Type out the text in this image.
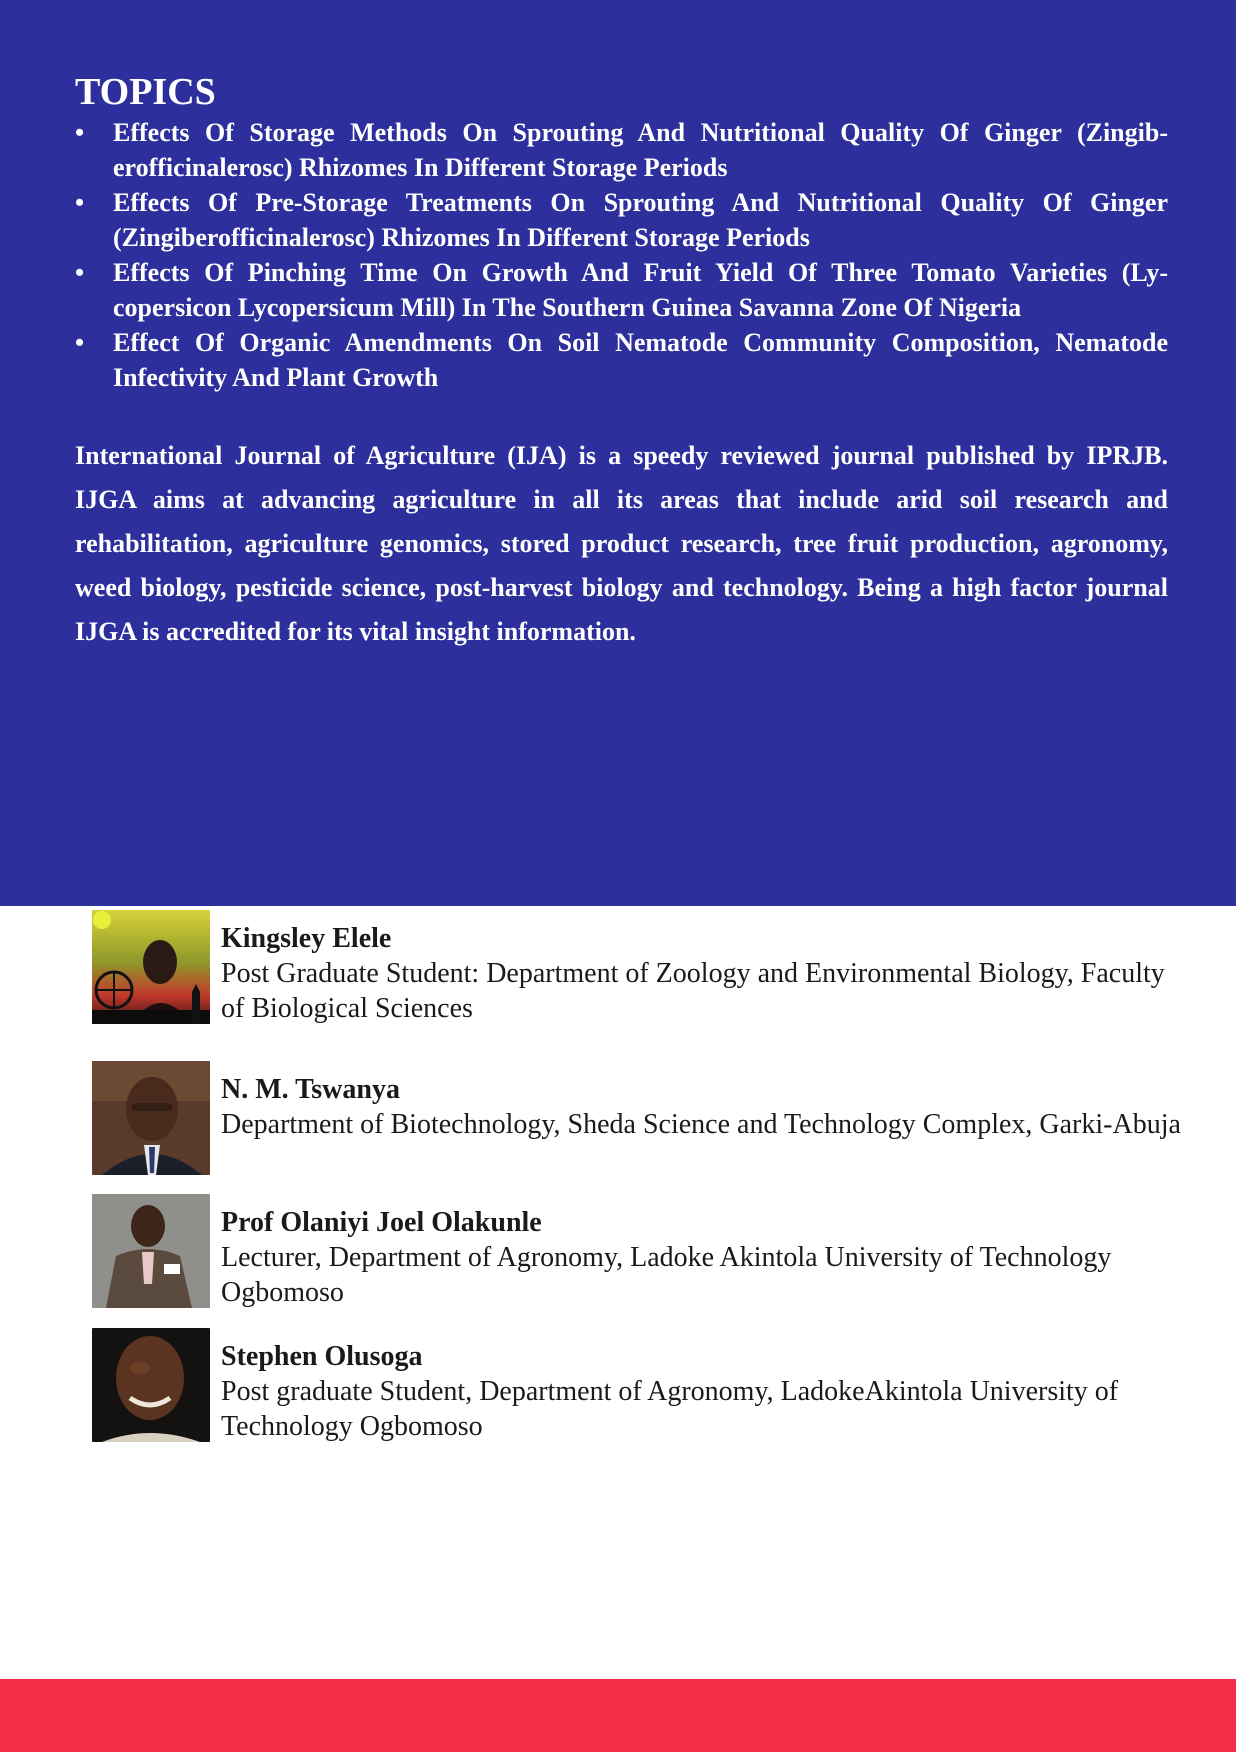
TOPICS
•	Effects Of Storage Methods On Sprouting And Nutritional Quality Of Ginger (Zingiberofficinalerosc) Rhizomes In Different Storage Periods
•	Effects Of Pre-Storage Treatments On Sprouting And Nutritional Quality Of Ginger (Zingiberofficinalerosc) Rhizomes In Different Storage Periods
•	Effects Of Pinching Time On Growth And Fruit Yield Of Three Tomato Varieties (Lycopersicon Lycopersicum Mill) In The Southern Guinea Savanna Zone Of Nigeria
•	Effect Of Organic Amendments On Soil Nematode Community Composition, Nematode Infectivity And Plant Growth

International Journal of Agriculture (IJA) is a speedy reviewed journal published by IPRJB. IJGA aims at advancing agriculture in all its areas that include arid soil research and rehabilitation, agriculture genomics, stored product research, tree fruit production, agronomy, weed biology, pesticide science, post-harvest biology and technology. Being a high factor journal IJGA is accredited for its vital insight information.

Kingsley Elele
Post Graduate Student: Department of Zoology and Environmental Biology, Faculty of Biological Sciences
N. M. Tswanya
Department of Biotechnology, Sheda Science and Technology Complex, Garki-Abuja
Prof Olaniyi Joel Olakunle
Lecturer, Department of Agronomy, Ladoke Akintola University of Technology Ogbomoso
Stephen Olusoga
Post graduate Student, Department of Agronomy, LadokeAkintola University of Technology Ogbomoso
